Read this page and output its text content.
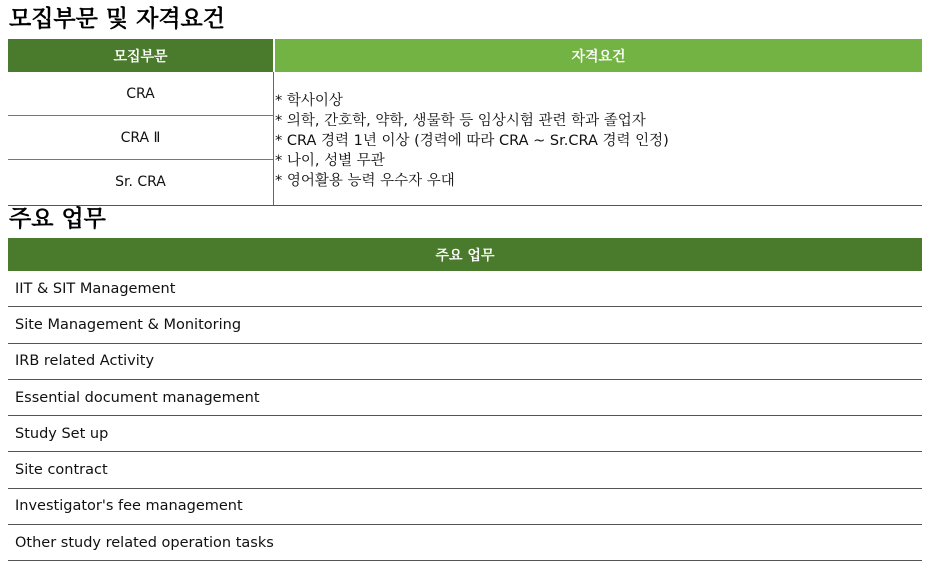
모집부문 및 자격요건
모집부문	자격요건
CRA
CRA Ⅱ
Sr. CRA
* 학사이상
* 의학, 간호학, 약학, 생물학 등 임상시험 관련 학과 졸업자
* CRA 경력 1년 이상 (경력에 따라 CRA ~ Sr.CRA 경력 인정)
* 나이, 성별 무관
* 영어활용 능력 우수자 우대
주요 업무
주요 업무
IIT & SIT Management
Site Management & Monitoring
IRB related Activity
Essential document management
Study Set up
Site contract
Investigator's fee management
Other study related operation tasks
